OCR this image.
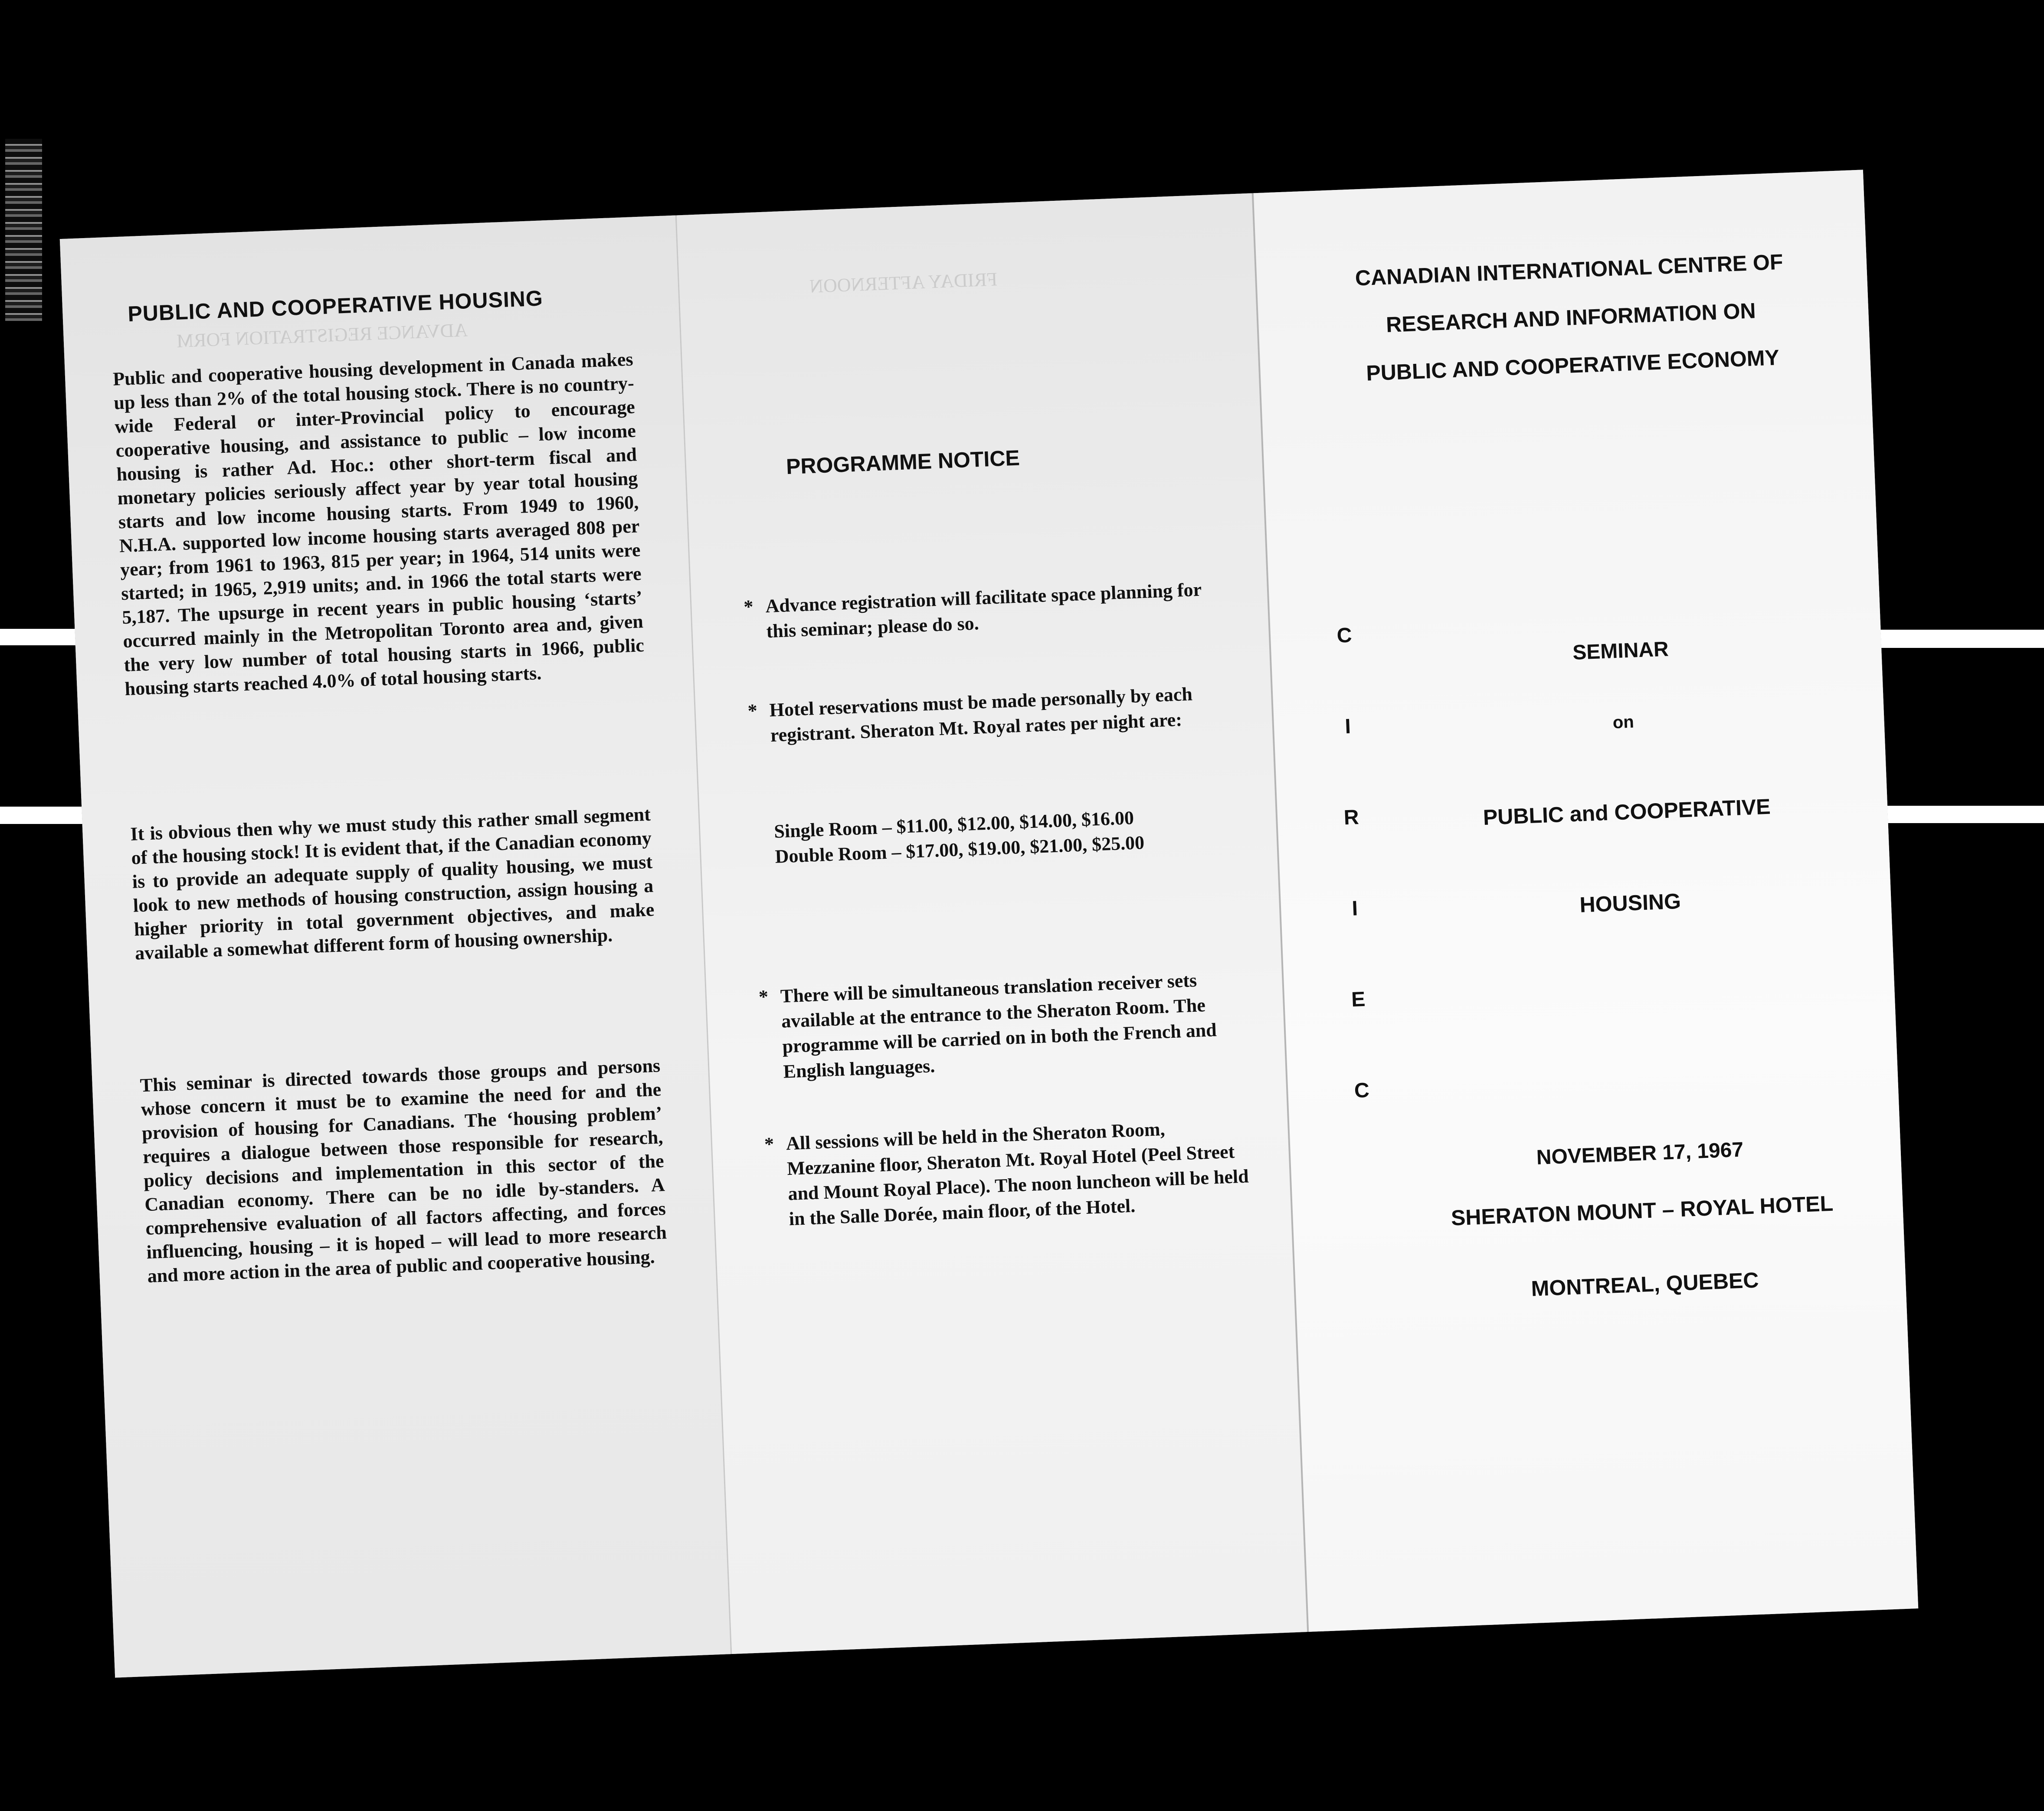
ADVANCE REGISTRATION FORM
PUBLIC AND COOPERATIVE HOUSING
Public and cooperative housing development in Canada makes up less than 2% of the total housing stock. There is no country-wide Federal or inter-Provincial policy to encourage cooperative housing, and assistance to public – low income housing is rather Ad. Hoc.: other short-term fiscal and monetary policies seriously affect year by year total housing starts and low income housing starts. From 1949 to 1960, N.H.A. supported low income housing starts averaged 808 per year; from 1961 to 1963, 815 per year; in 1964, 514 units were started; in 1965, 2,919 units; and. in 1966 the total starts were 5,187. The upsurge in recent years in public housing ‘starts’ occurred mainly in the Metropolitan Toronto area and, given the very low number of total housing starts in 1966, public housing starts reached 4.0% of total housing starts.
It is obvious then why we must study this rather small segment of the housing stock! It is evident that, if the Canadian economy is to provide an adequate supply of quality housing, we must look to new methods of housing construction, assign housing a higher priority in total government objectives, and make available a somewhat different form of housing ownership.
This seminar is directed towards those groups and persons whose concern it must be to examine the need for and the provision of housing for Canadians. The ‘housing problem’ requires a dialogue between those responsible for research, policy decisions and implementation in this sector of the Canadian economy. There can be no idle by-standers. A comprehensive evaluation of all factors affecting, and forces influencing, housing – it is hoped – will lead to more research and more action in the area of public and cooperative housing.
FRIDAY AFTERNOON
PROGRAMME NOTICE
* Advance registration will facilitate space planning for this seminar; please do so.
* Hotel reservations must be made personally by each registrant. Sheraton Mt. Royal rates per night are:
Single Room – $11.00, $12.00, $14.00, $16.00
Double Room – $17.00, $19.00, $21.00, $25.00
* There will be simultaneous translation receiver sets available at the entrance to the Sheraton Room. The programme will be carried on in both the French and English languages.
* All sessions will be held in the Sheraton Room, Mezzanine floor, Sheraton Mt. Royal Hotel (Peel Street and Mount Royal Place). The noon luncheon will be held in the Salle Dorée, main floor, of the Hotel.
CANADIAN INTERNATIONAL CENTRE OF
RESEARCH AND INFORMATION ON
PUBLIC AND COOPERATIVE ECONOMY
C
I
R
I
E
C
SEMINAR
on
PUBLIC and COOPERATIVE
HOUSING
NOVEMBER 17, 1967
SHERATON MOUNT – ROYAL HOTEL
MONTREAL, QUEBEC
